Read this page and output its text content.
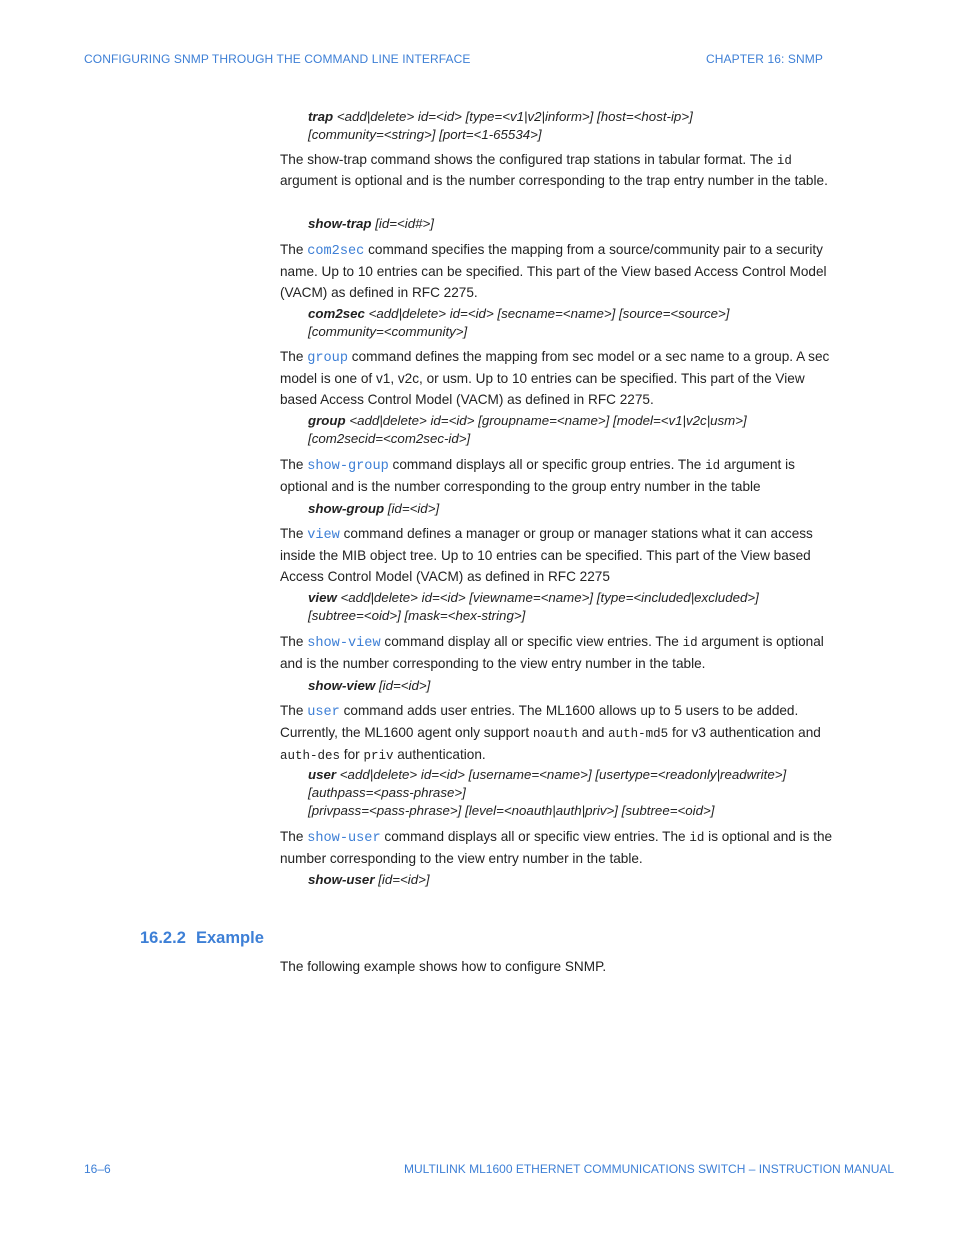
CONFIGURING SNMP THROUGH THE COMMAND LINE INTERFACE	CHAPTER 16: SNMP
trap <add|delete> id=<id> [type=<v1|v2|inform>] [host=<host-ip>]
[community=<string>] [port=<1-65534>]
The show-trap command shows the configured trap stations in tabular format. The id argument is optional and is the number corresponding to the trap entry number in the table.
show-trap [id=<id#>]
The com2sec command specifies the mapping from a source/community pair to a security name. Up to 10 entries can be specified. This part of the View based Access Control Model (VACM) as defined in RFC 2275.
com2sec <add|delete> id=<id> [secname=<name>] [source=<source>]
[community=<community>]
The group command defines the mapping from sec model or a sec name to a group. A sec model is one of v1, v2c, or usm. Up to 10 entries can be specified. This part of the View based Access Control Model (VACM) as defined in RFC 2275.
group <add|delete> id=<id> [groupname=<name>] [model=<v1|v2c|usm>]
[com2secid=<com2sec-id>]
The show-group command displays all or specific group entries. The id argument is optional and is the number corresponding to the group entry number in the table
show-group [id=<id>]
The view command defines a manager or group or manager stations what it can access inside the MIB object tree. Up to 10 entries can be specified. This part of the View based Access Control Model (VACM) as defined in RFC 2275
view <add|delete> id=<id> [viewname=<name>] [type=<included|excluded>]
[subtree=<oid>] [mask=<hex-string>]
The show-view command display all or specific view entries. The id argument is optional and is the number corresponding to the view entry number in the table.
show-view [id=<id>]
The user command adds user entries. The ML1600 allows up to 5 users to be added. Currently, the ML1600 agent only support noauth and auth-md5 for v3 authentication and auth-des for priv authentication.
user <add|delete> id=<id> [username=<name>] [usertype=<readonly|readwrite>]
[authpass=<pass-phrase>]
[privpass=<pass-phrase>] [level=<noauth|auth|priv>] [subtree=<oid>]
The show-user command displays all or specific view entries. The id is optional and is the number corresponding to the view entry number in the table.
show-user [id=<id>]
16.2.2 Example
The following example shows how to configure SNMP.
16–6	MULTILINK ML1600 ETHERNET COMMUNICATIONS SWITCH – INSTRUCTION MANUAL
